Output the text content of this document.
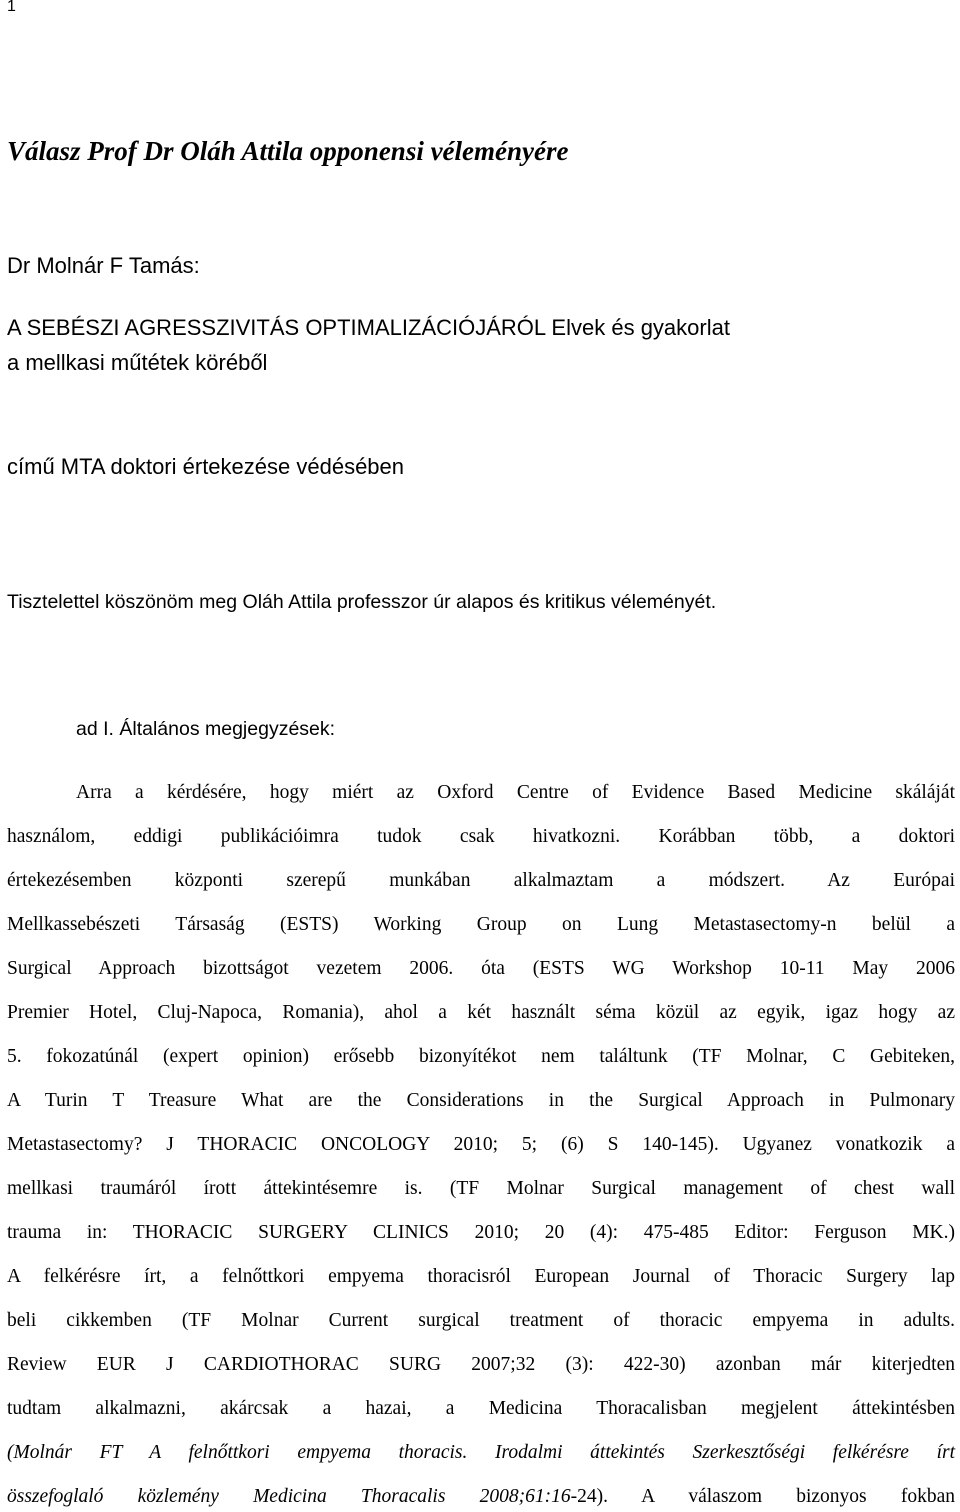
1
Válasz Prof Dr Oláh Attila opponensi véleményére
Dr Molnár F Tamás:
A SEBÉSZI AGRESSZIVITÁS OPTIMALIZÁCIÓJÁRÓL Elvek és gyakorlat
a mellkasi műtétek köréből
című MTA doktori értekezése védésében
Tisztelettel köszönöm meg Oláh Attila professzor úr alapos és kritikus véleményét.
ad I. Általános megjegyzések:
Arra a kérdésére, hogy miért az Oxford Centre of Evidence Based Medicine skáláját
használom, eddigi publikációimra tudok csak hivatkozni. Korábban több, a doktori
értekezésemben központi szerepű munkában alkalmaztam a módszert. Az Európai
Mellkassebészeti Társaság (ESTS) Working Group on Lung Metastasectomy-n belül a
Surgical Approach bizottságot vezetem 2006. óta (ESTS WG Workshop 10-11 May 2006
Premier Hotel, Cluj-Napoca, Romania), ahol a két használt séma közül az egyik, igaz hogy az
5. fokozatúnál (expert opinion) erősebb bizonyítékot nem találtunk (TF Molnar, C Gebiteken,
A Turin T Treasure What are the Considerations in the Surgical Approach in Pulmonary
Metastasectomy? J THORACIC ONCOLOGY 2010; 5; (6) S 140-145). Ugyanez vonatkozik a
mellkasi traumáról írott áttekintésemre is. (TF Molnar Surgical management of chest wall
trauma in: THORACIC SURGERY CLINICS 2010; 20 (4): 475-485 Editor: Ferguson MK.)
A felkérésre írt, a felnőttkori empyema thoracisról European Journal of Thoracic Surgery lap
beli cikkemben (TF Molnar Current surgical treatment of thoracic empyema in adults.
Review EUR J CARDIOTHORAC SURG 2007;32 (3): 422-30) azonban már kiterjedten
tudtam alkalmazni, akárcsak a hazai, a Medicina Thoracalisban megjelent áttekintésben
(Molnár FT A felnőttkori empyema thoracis. Irodalmi áttekintés Szerkesztőségi felkérésre írt
összefoglaló közlemény Medicina Thoracalis 2008;61:16-24). A válaszom bizonyos fokban
